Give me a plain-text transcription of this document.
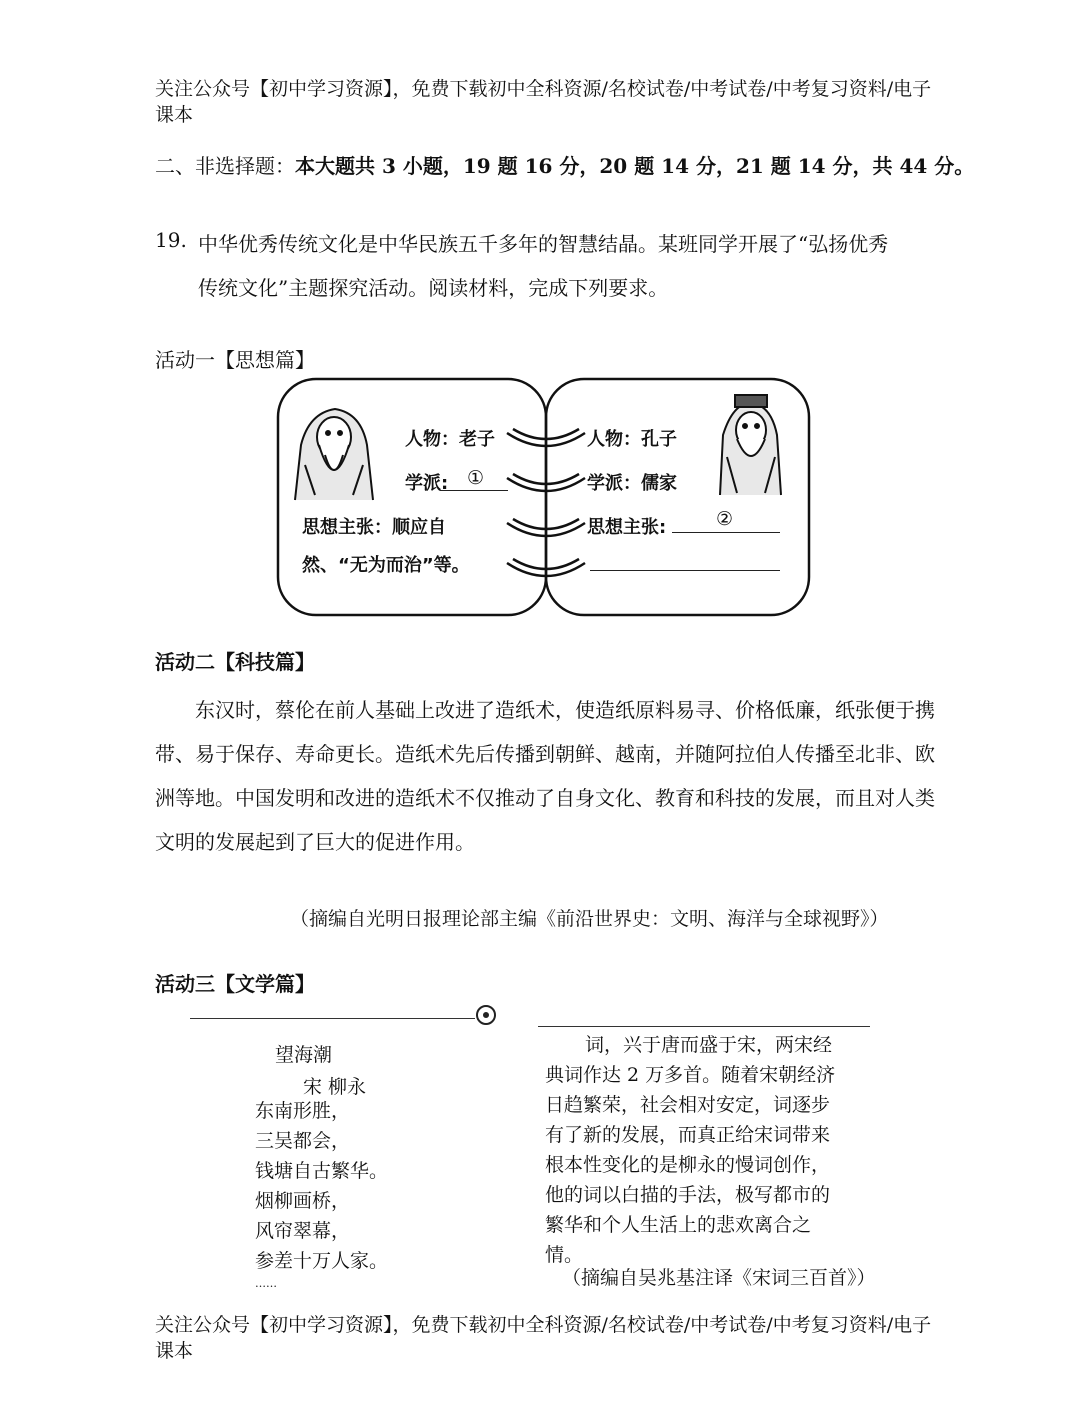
关注公众号【初中学习资源】，免费下载初中全科资源/名校试卷/中考试卷/中考复习资料/电子课本
二、非选择题：本大题共 3 小题，19 题 16 分，20 题 14 分，21 题 14 分，共 44 分。
19. 中华优秀传统文化是中华民族五千多年的智慧结晶。某班同学开展了“弘扬优秀
传统文化”主题探究活动。阅读材料，完成下列要求。
活动一【思想篇】
人物：老子
学派: ①
思想主张：顺应自
然、“无为而治”等。
人物：孔子
学派：儒家
思想主张:	②
活动二【科技篇】
东汉时，蔡伦在前人基础上改进了造纸术，使造纸原料易寻、价格低廉，纸张便于携带、易于保存、寿命更长。造纸术先后传播到朝鲜、越南，并随阿拉伯人传播至北非、欧洲等地。中国发明和改进的造纸术不仅推动了自身文化、教育和科技的发展，而且对人类文明的发展起到了巨大的促进作用。
（摘编自光明日报理论部主编《前沿世界史：文明、海洋与全球视野》）
活动三【文学篇】
望海潮
宋 柳永
东南形胜，
三吴都会，
钱塘自古繁华。
烟柳画桥，
风帘翠幕，
参差十万人家。
……
词，兴于唐而盛于宋，两宋经
典词作达 2 万多首。随着宋朝经济
日趋繁荣，社会相对安定，词逐步
有了新的发展，而真正给宋词带来
根本性变化的是柳永的慢词创作，
他的词以白描的手法，极写都市的
繁华和个人生活上的悲欢离合之
情。
（摘编自吴兆基注译《宋词三百首》）
关注公众号【初中学习资源】，免费下载初中全科资源/名校试卷/中考试卷/中考复习资料/电子课本
